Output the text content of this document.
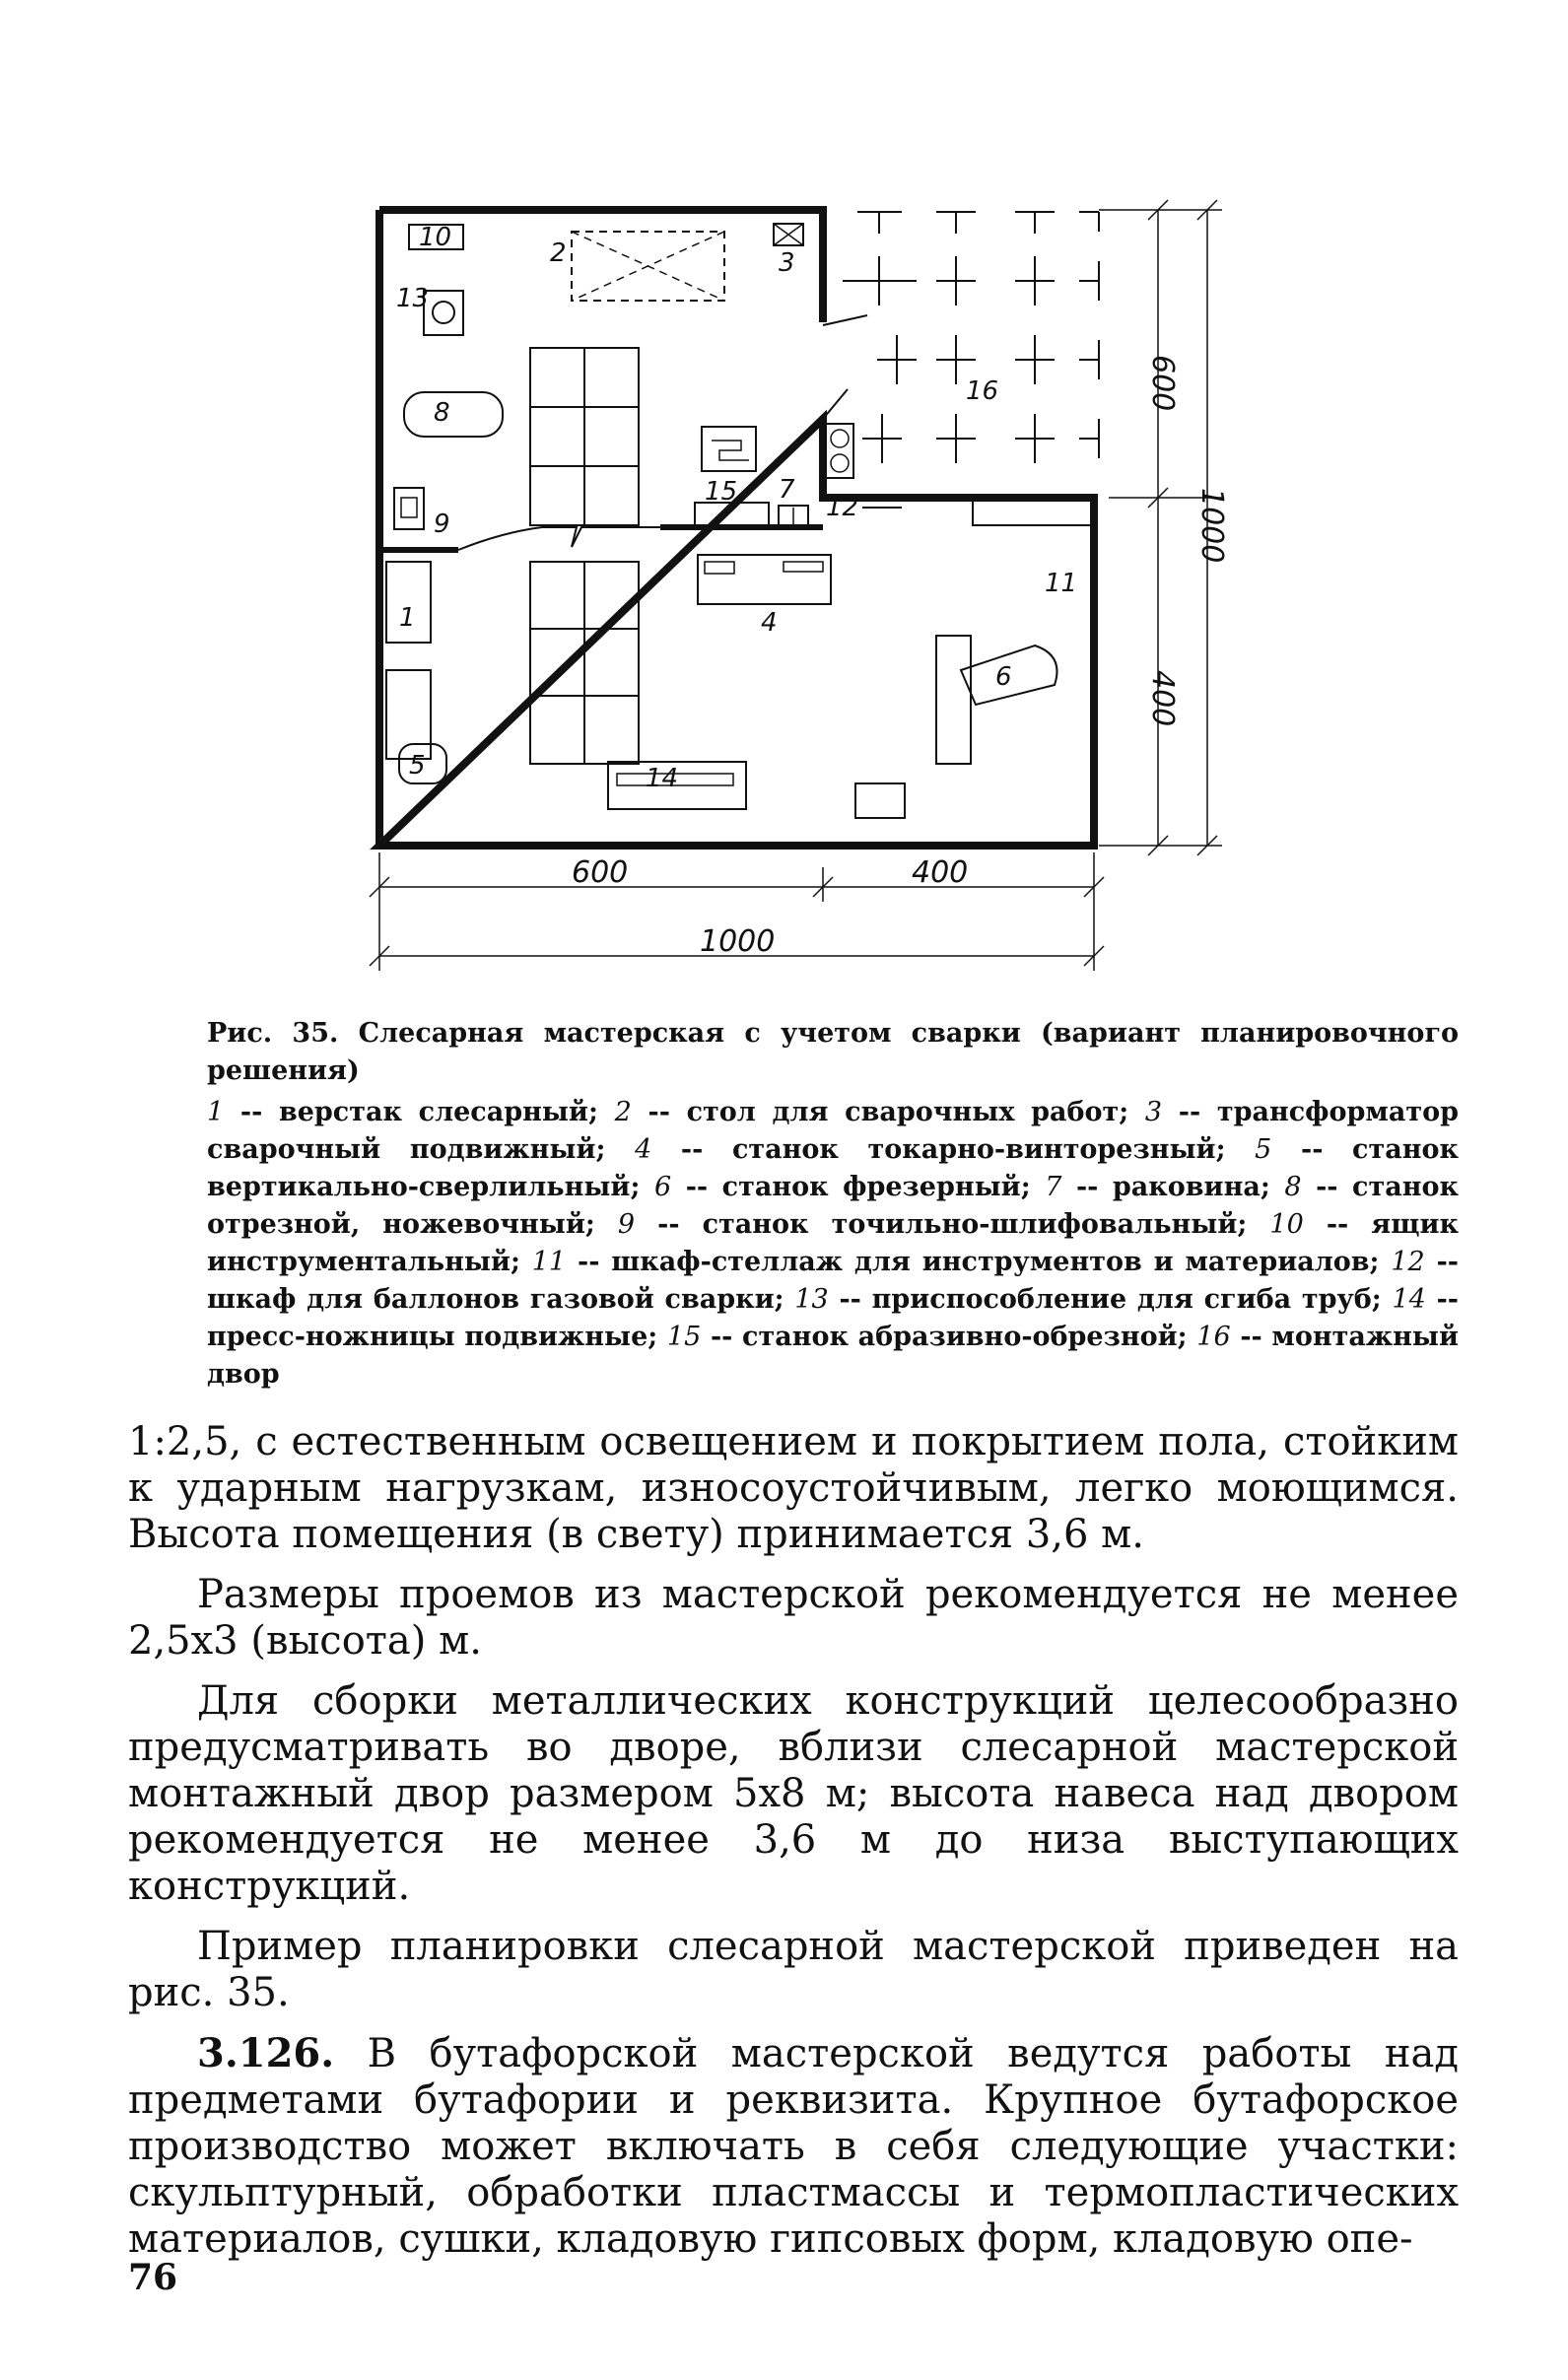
1
2	3
4
5
6
7
8
9
10
11
12
13
14
15
16
600	400
1000
600
400
1000
Рис. 35. Слесарная мастерская с учетом сварки (вариант планировочного решения)
1 -- верстак слесарный; 2 -- стол для сварочных работ; 3 -- трансформатор сварочный подвижный; 4 -- станок токарно-винторезный; 5 -- станок вертикально-сверлильный; 6 -- станок фрезерный; 7 -- раковина; 8 -- станок отрезной, ножевочный; 9 -- станок точильно-шлифовальный; 10 -- ящик инструментальный; 11 -- шкаф-стеллаж для инструментов и материалов; 12 -- шкаф для баллонов газовой сварки; 13 -- приспособление для сгиба труб; 14 -- пресс-ножницы подвижные; 15 -- станок абразивно-обрезной; 16 -- монтажный двор

1:2,5, с естественным освещением и покрытием пола, стойким к ударным нагрузкам, износоустойчивым, легко моющимся. Высота помещения (в свету) принимается 3,6 м.

Размеры проемов из мастерской рекомендуется не менее 2,5х3 (высота) м.

Для сборки металлических конструкций целесообразно предусматривать во дворе, вблизи слесарной мастерской монтажный двор размером 5х8 м; высота навеса над двором рекомендуется не менее 3,6 м до низа выступающих конструкций.

Пример планировки слесарной мастерской приведен на рис. 35.

3.126. В бутафорской мастерской ведутся работы над предметами бутафории и реквизита. Крупное бутафорское производство может включать в себя следующие участки: скульптурный, обработки пластмассы и термопластических материалов, сушки, кладовую гипсовых форм, кладовую опе-

76
